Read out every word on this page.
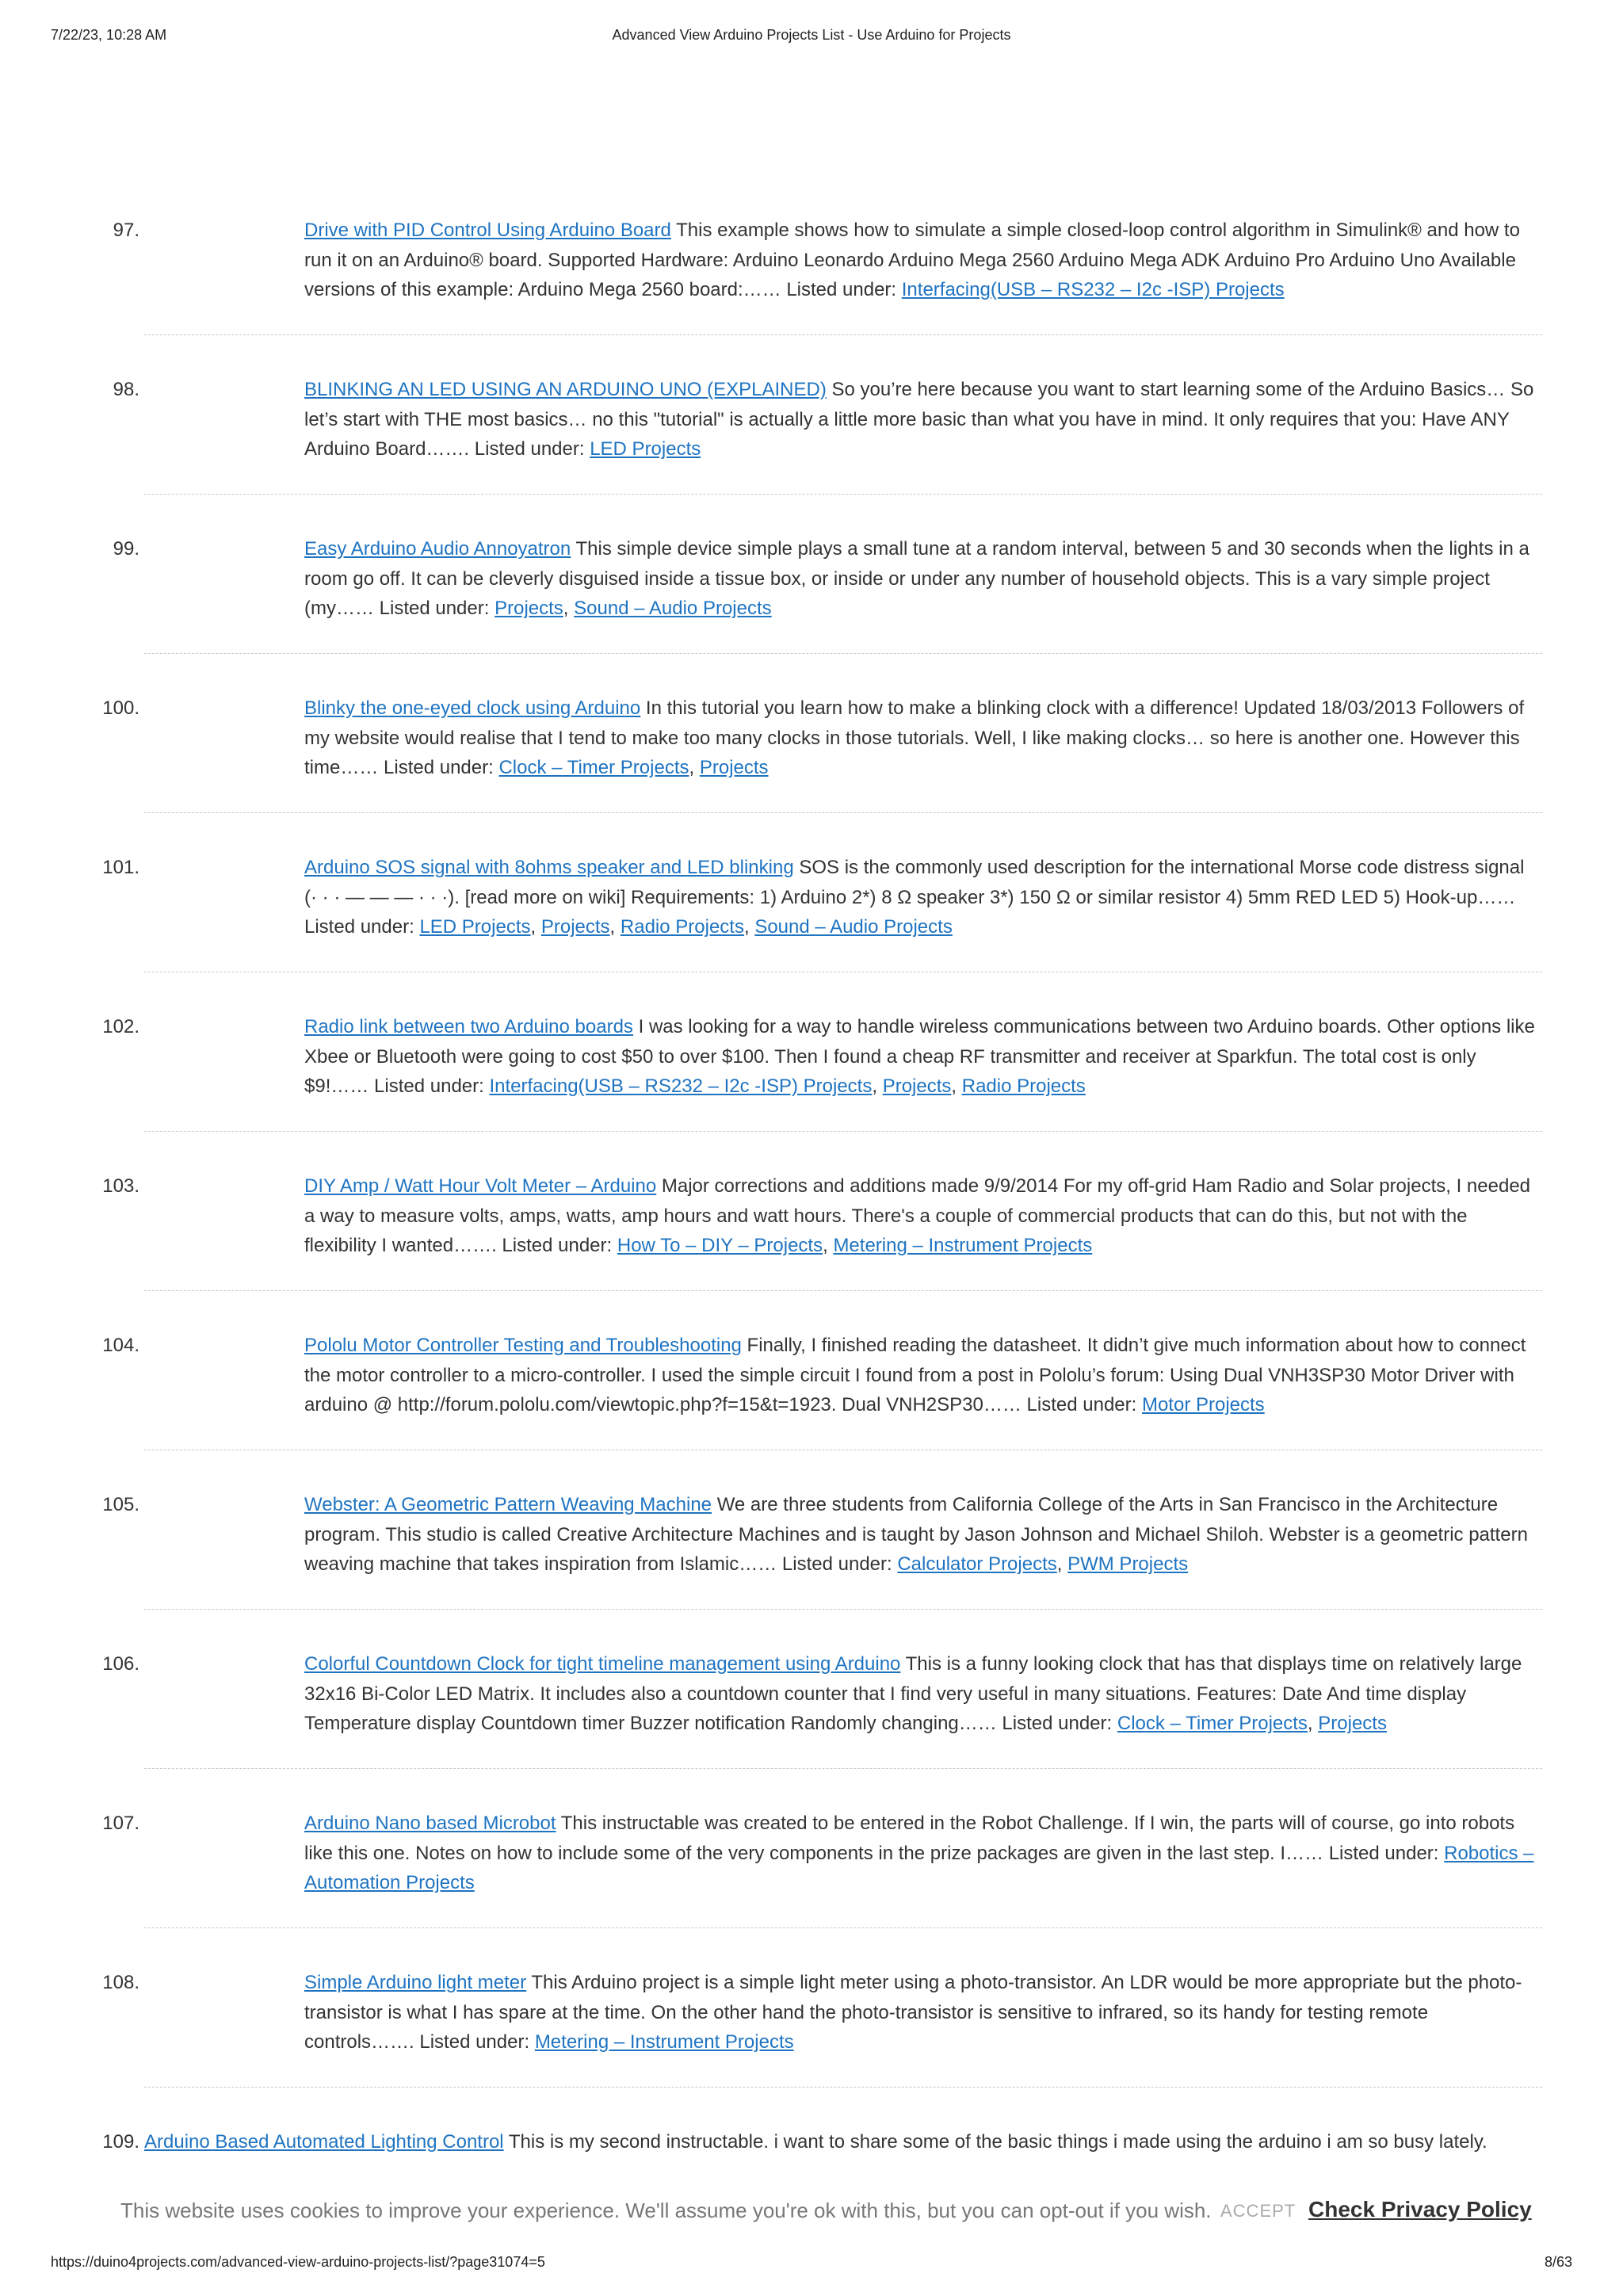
7/22/23, 10:28 AM	Advanced View Arduino Projects List - Use Arduino for Projects
97.	Drive with PID Control Using Arduino Board This example shows how to simulate a simple closed-loop control algorithm in Simulink® and how to run it on an Arduino® board. Supported Hardware: Arduino Leonardo Arduino Mega 2560 Arduino Mega ADK Arduino Pro Arduino Uno Available versions of this example: Arduino Mega 2560 board:…… Listed under: Interfacing(USB – RS232 – I2c -ISP) Projects
98.	BLINKING AN LED USING AN ARDUINO UNO (EXPLAINED) So you’re here because you want to start learning some of the Arduino Basics… So let’s start with THE most basics… no this "tutorial" is actually a little more basic than what you have in mind. It only requires that you: Have ANY Arduino Board……. Listed under: LED Projects
99.	Easy Arduino Audio Annoyatron This simple device simple plays a small tune at a random interval, between 5 and 30 seconds when the lights in a room go off. It can be cleverly disguised inside a tissue box, or inside or under any number of household objects. This is a vary simple project (my…… Listed under: Projects, Sound – Audio Projects
100.	Blinky the one-eyed clock using Arduino In this tutorial you learn how to make a blinking clock with a difference! Updated 18/03/2013 Followers of my website would realise that I tend to make too many clocks in those tutorials. Well, I like making clocks… so here is another one. However this time…… Listed under: Clock – Timer Projects, Projects
101.	Arduino SOS signal with 8ohms speaker and LED blinking SOS is the commonly used description for the international Morse code distress signal (· · · — — — · · ·). [read more on wiki] Requirements: 1) Arduino 2*) 8 Ω speaker 3*) 150 Ω or similar resistor 4) 5mm RED LED 5) Hook-up…… Listed under: LED Projects, Projects, Radio Projects, Sound – Audio Projects
102.	Radio link between two Arduino boards I was looking for a way to handle wireless communications between two Arduino boards. Other options like Xbee or Bluetooth were going to cost $50 to over $100. Then I found a cheap RF transmitter and receiver at Sparkfun. The total cost is only $9!…… Listed under: Interfacing(USB – RS232 – I2c -ISP) Projects, Projects, Radio Projects
103.	DIY Amp / Watt Hour Volt Meter – Arduino Major corrections and additions made 9/9/2014 For my off-grid Ham Radio and Solar projects, I needed a way to measure volts, amps, watts, amp hours and watt hours. There's a couple of commercial products that can do this, but not with the flexibility I wanted……. Listed under: How To – DIY – Projects, Metering – Instrument Projects
104.	Pololu Motor Controller Testing and Troubleshooting Finally, I finished reading the datasheet. It didn’t give much information about how to connect the motor controller to a micro-controller. I used the simple circuit I found from a post in Pololu’s forum: Using Dual VNH3SP30 Motor Driver with arduino @ http://forum.pololu.com/viewtopic.php?f=15&t=1923. Dual VNH2SP30…… Listed under: Motor Projects
105.	Webster: A Geometric Pattern Weaving Machine We are three students from California College of the Arts in San Francisco in the Architecture program. This studio is called Creative Architecture Machines and is taught by Jason Johnson and Michael Shiloh. Webster is a geometric pattern weaving machine that takes inspiration from Islamic…… Listed under: Calculator Projects, PWM Projects
106.	Colorful Countdown Clock for tight timeline management using Arduino This is a funny looking clock that has that displays time on relatively large 32x16 Bi-Color LED Matrix. It includes also a countdown counter that I find very useful in many situations. Features: Date And time display Temperature display Countdown timer Buzzer notification Randomly changing…… Listed under: Clock – Timer Projects, Projects
107.	Arduino Nano based Microbot This instructable was created to be entered in the Robot Challenge. If I win, the parts will of course, go into robots like this one. Notes on how to include some of the very components in the prize packages are given in the last step. I…… Listed under: Robotics – Automation Projects
108.	Simple Arduino light meter This Arduino project is a simple light meter using a photo-transistor. An LDR would be more appropriate but the photo-transistor is what I has spare at the time. On the other hand the photo-transistor is sensitive to infrared, so its handy for testing remote controls……. Listed under: Metering – Instrument Projects
109. Arduino Based Automated Lighting Control This is my second instructable. i want to share some of the basic things i made using the arduino i am so busy lately.
This website uses cookies to improve your experience. We'll assume you're ok with this, but you can opt-out if you wish. ACCEPT Check Privacy Policy
https://duino4projects.com/advanced-view-arduino-projects-list/?page31074=5	8/63
